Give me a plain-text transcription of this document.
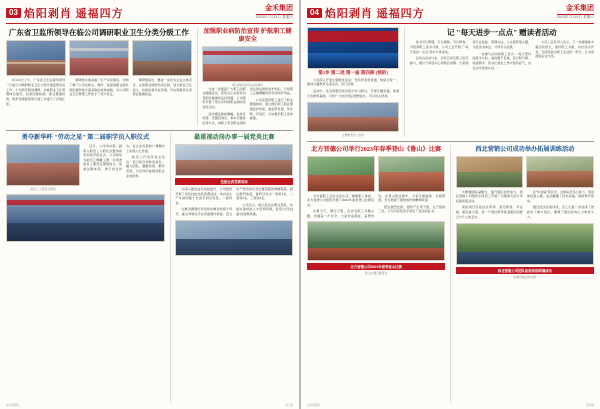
03 焰阳剥肖 遥福四方	金禾集团
2023年7月15日 星期六
广东省卫监所领导在临公司调研职业卫生分类分级工作

6月22日上午，广东省卫生监督所领导一行到公司调研职业卫生分类分级监管试点工作。公司领导陪同调研，并就职业卫生管理体系建设、危害因素检测、职业健康检查、防护设施配备等方面工作进行了详细汇报。

调研组实地查看了生产车间现场，详细了解了公司在粉尘、噪声、高温等职业病危害因素防控方面采取的具体措施，对公司职业卫生管理工作给予了充分肯定。

调研组指出，要进一步压实企业主体责任，完善职业病防治责任制，加大职业卫生投入，持续改善作业环境，切实保障劳动者职业健康权益。

加强职业病防治宣传 护航职工健康安全
职业病防治宣传活动现场

为进一步提高广大职工的职业健康意识，营造关心关爱劳动者职业健康的良好氛围，公司组织开展了形式多样的职业病防治宣传活动。

活动通过悬挂横幅、发放宣传册、设置咨询台、举办专题讲座等方式，向职工普及职业病防治法律法规和防护知识，引导职工正确佩戴使用劳动防护用品。

公司还组织职工进行了职业健康体检，建立健全职工职业健康监护档案，做到早发现、早诊断、早治疗，切实维护职工身体健康。

勇夺新华杯 "劳动之星" 第二届职学员入职仪式
新员工入职仪式现场

近日，公司举办第二届新入职员工入职仪式暨岗前培训班开班仪式。公司领导为新员工佩戴工牌，并寄语新员工要坚定理想信念、练就过硬本领、勇于担当作为，在企业发展的广阔舞台上实现人生价值。

新员工代表作表态发言，表示将尽快转变角色、融入团队，脚踏实地、勤学苦练，以优异的成绩回报企业的培养。

最重视动岗办事一届党炎比赛
技能比武竞赛现场

为深入推进业务技能提升，公司组织开展了岗位技能比武竞赛活动，来自各生产车间的数十名选手同台竞技，一展风采。

比赛设置理论考试和实操竞技两个环节，重点考察选手对设备操作规程、安全生产规范和应急处置流程的掌握程度。经过激烈角逐，最终评选出一等奖1名、二等奖2名、三等奖3名。

公司表示，将以此次比赛为契机，持续完善技能人才培养机制，营造"比学赶超"的浓厚氛围。

金禾集团报	第三版
04 焰阳剥肖 遥福四方	金禾集团
2023年7月15日 星期六
第2步 第二批 第一届 第四部 [预的]

公司深入开展主题教育活动，坚持学思用贯通、知信行统一，推动主题教育走深走实、见行见效。

活动中，各支部组织党员集中学习研讨，开展专题党课，参观红色教育基地，引导广大党员坚定理想信念、牢记初心使命。

主题教育学习活动
记 "每天进步一点点" 赠读者活动

读书可以明理，可以增智，可以修身。为培育职工读书习惯，公司工会开展了"每天进步一点点"读书分享活动。

活动自启动以来，共有百余名职工报名参与，累计分享读书心得两百余篇。大家围绕专业技能、管理方法、人文素养等主题，交流读书体会，分享学习成果。

一位参与活动的职工表示："每天坚持阅读半小时，看似微不足道，但日积月累，收获颇丰。读书让我在工作中更有底气，在生活中更加从容。"

公司工会负责人表示，下一步将继续丰富活动形式，建好职工书屋，办好读书沙龙，让阅读成为职工生活的一部分，让书香浸润企业文化。

北方晋德公司举行2023年春季登山《鲁山》比赛

为丰富职工业余文化生活，增强职工体质，北方晋德公司组织开展了2023年春季登山比赛活动。

比赛当天，晴空万里，百余名职工齐聚山脚，伴随着一声发令，大家你追我赶，奋勇争先，在登山的过程中，大家互相鼓励、互相帮助，充分展现了团结协作的精神风貌。

经过激烈比拼，最终产生男子组、女子组前三名。公司为获奖选手颁发了奖品和证书。

北方晋德公司2023年春季登山比赛
登山比赛合影留念
西北营销公司成功举办拓展训练活动

为增强团队凝聚力，提升团队协作能力，西北营销公司组织全体员工开展了为期两天的户外拓展训练活动。

训练项目包括信任背摔、高空断桥、毕业墙、团队接力等，每一个项目都考验着团队的配合与个人的意志。

在"毕业墙"项目中，全体队员齐心协力，用身体搭起人梯，成功翻越了四米高墙，现场掌声雷动。

通过此次拓展训练，员工们进一步加深了彼此的了解与信任，增强了团队的向心力和战斗力。

西北营销公司团队拓展训练圆满成功
拓展训练活动合影
金禾集团报	第四版
